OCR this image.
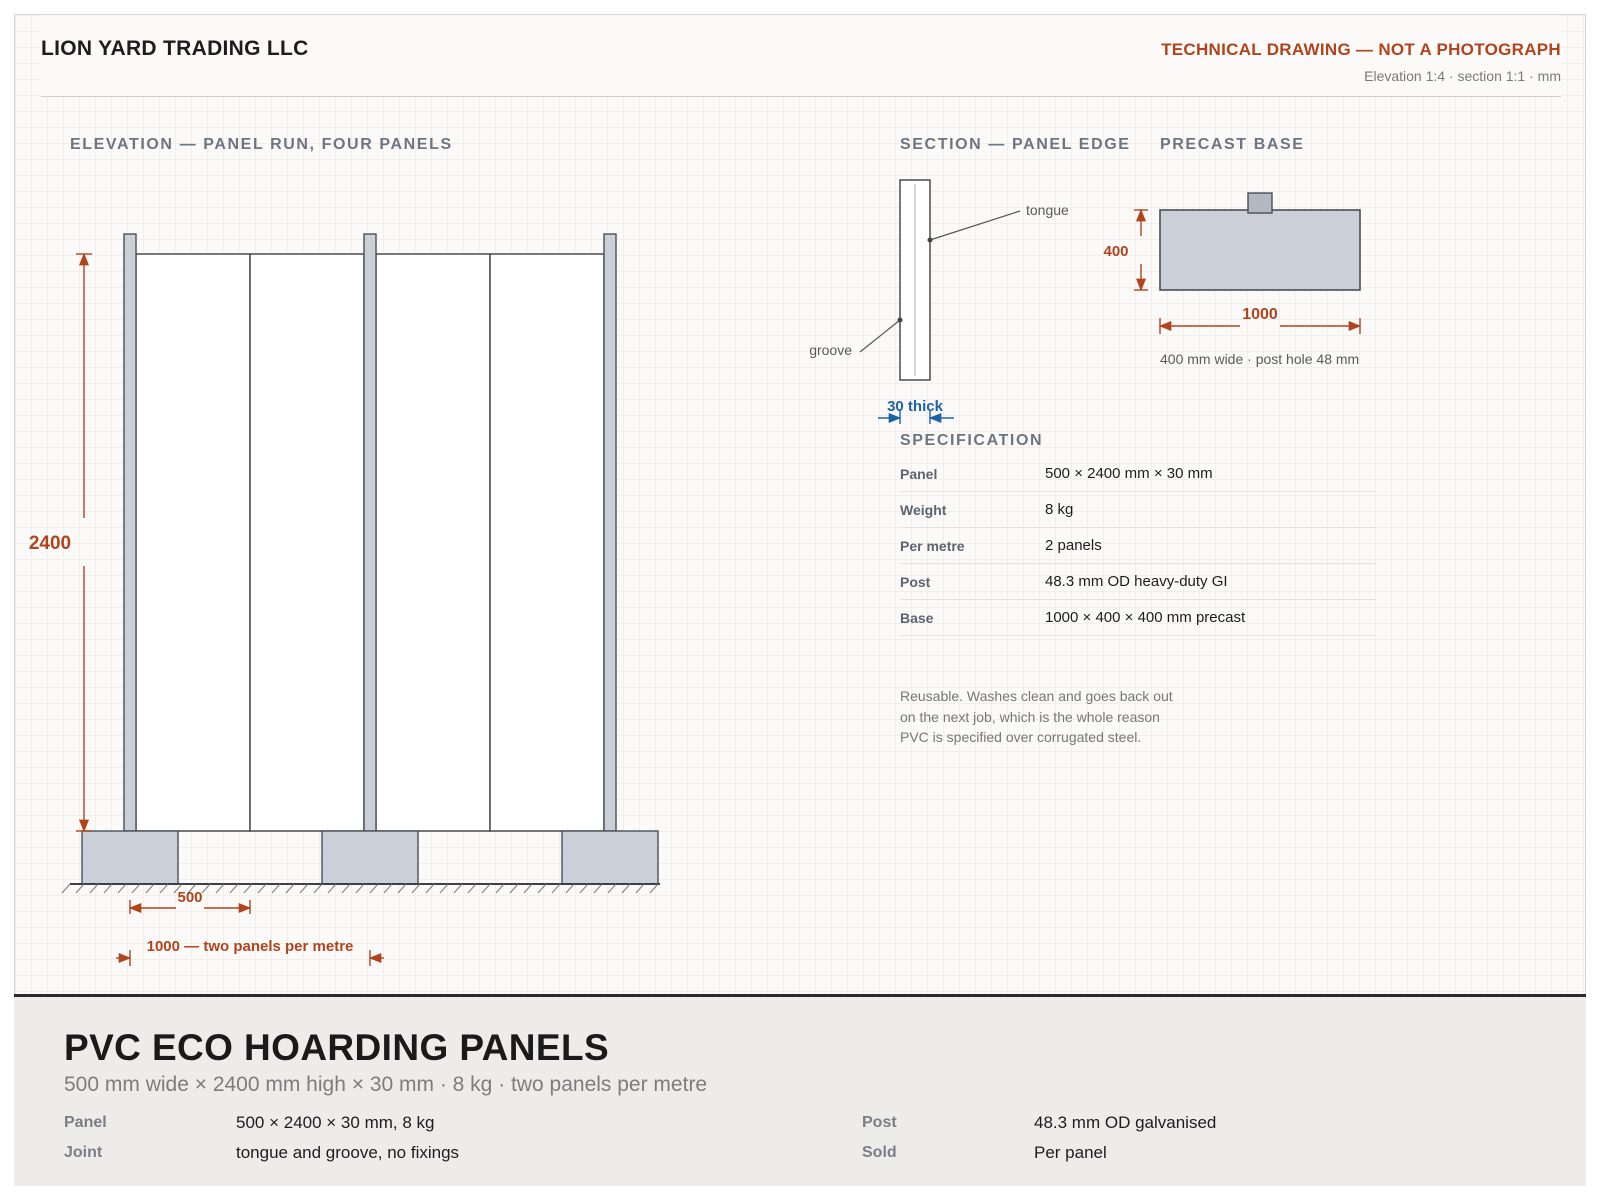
LION YARD TRADING LLC	TECHNICAL DRAWING — NOT A PHOTOGRAPH
Elevation 1:4 · section 1:1 · mm
ELEVATION — PANEL RUN, FOUR PANELS	SECTION — PANEL EDGE PRECAST BASE
SPECIFICATION
2400
500
1000 — two panels per metre
tongue
groove
30 thick
400
1000
400 mm wide · post hole 48 mm
Panel	500 × 2400 mm × 30 mm
Weight	8 kg
Per metre	2 panels
Post	48.3 mm OD heavy-duty GI
Base	1000 × 400 × 400 mm precast
Reusable. Washes clean and goes back out
on the next job, which is the whole reason
PVC is specified over corrugated steel.
PVC ECO HOARDING PANELS
500 mm wide × 2400 mm high × 30 mm · 8 kg · two panels per metre
Panel	500 × 2400 × 30 mm, 8 kg
Joint	tongue and groove, no fixings
Post	48.3 mm OD galvanised
Sold	Per panel
